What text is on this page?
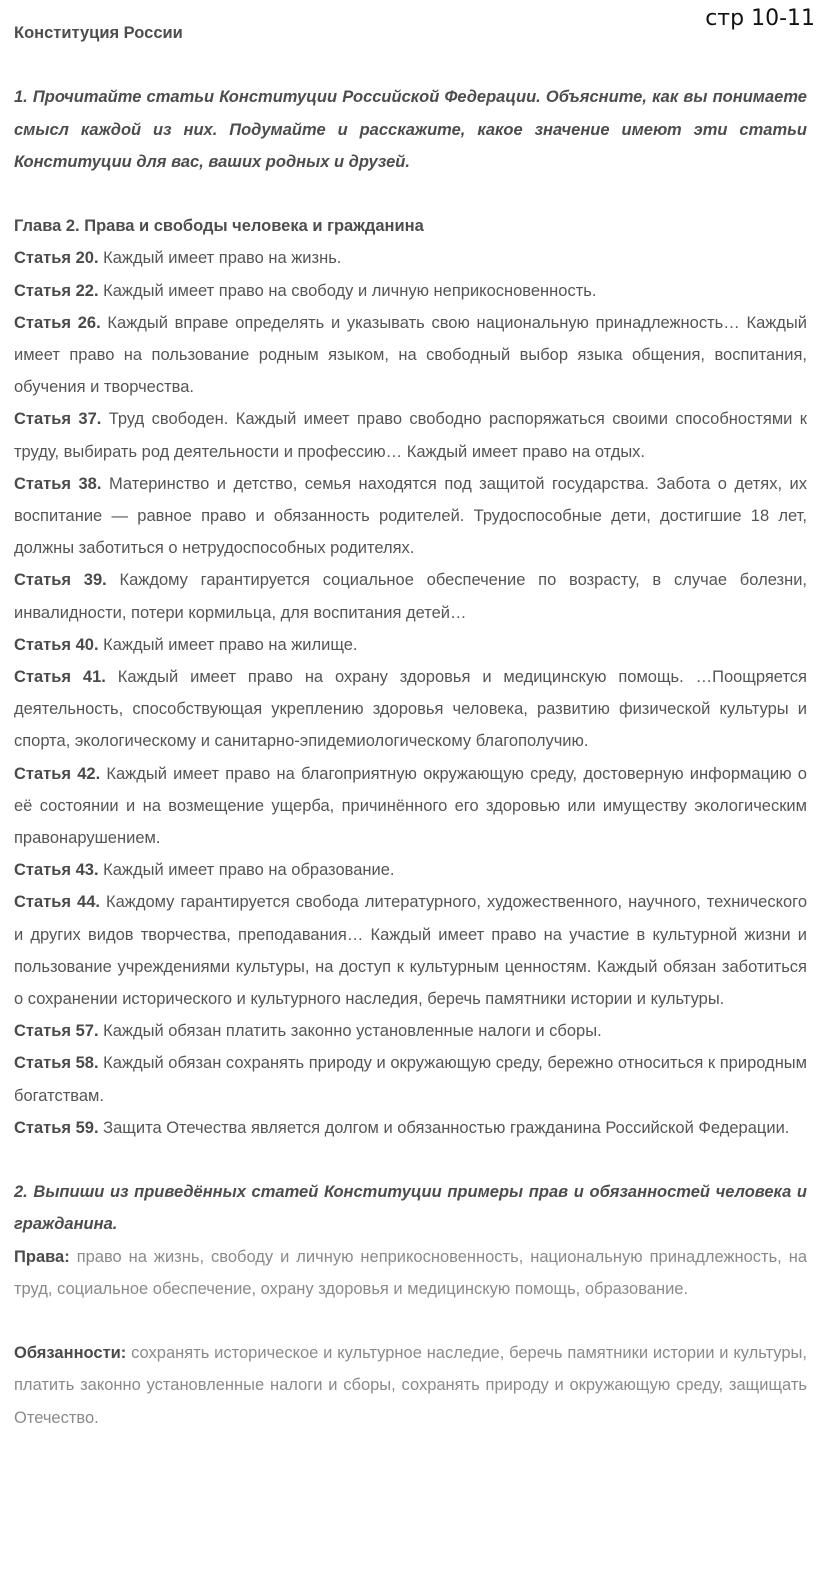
стр 10-11

Конституция России

1. Прочитайте статьи Конституции Российской Федерации. Объясните, как вы понимаете смысл каждой из них. Подумайте и расскажите, какое значение имеют эти статьи Конституции для вас, ваших родных и друзей.

Глава 2. Права и свободы человека и гражданина

Статья 20. Каждый имеет право на жизнь.

Статья 22. Каждый имеет право на свободу и личную неприкосновенность.

Статья 26. Каждый вправе определять и указывать свою национальную принадлежность… Каждый имеет право на пользование родным языком, на свободный выбор языка общения, воспитания, обучения и творчества.

Статья 37. Труд свободен. Каждый имеет право свободно распоряжаться своими способностями к труду, выбирать род деятельности и профессию… Каждый имеет право на отдых.

Статья 38. Материнство и детство, семья находятся под защитой государства. Забота о детях, их воспитание — равное право и обязанность родителей. Трудоспособные дети, достигшие 18 лет, должны заботиться о нетрудоспособных родителях.

Статья 39. Каждому гарантируется социальное обеспечение по возрасту, в случае болезни, инвалидности, потери кормильца, для воспитания детей…

Статья 40. Каждый имеет право на жилище.

Статья 41. Каждый имеет право на охрану здоровья и медицинскую помощь. …Поощряется деятельность, способствующая укреплению здоровья человека, развитию физической культуры и спорта, экологическому и санитарно-эпидемиологическому благополучию.

Статья 42. Каждый имеет право на благоприятную окружающую среду, достоверную информацию о её состоянии и на возмещение ущерба, причинённого его здоровью или имуществу экологическим правонарушением.

Статья 43. Каждый имеет право на образование.

Статья 44. Каждому гарантируется свобода литературного, художественного, научного, технического и других видов творчества, преподавания… Каждый имеет право на участие в культурной жизни и пользование учреждениями культуры, на доступ к культурным ценностям. Каждый обязан заботиться о сохранении исторического и культурного наследия, беречь памятники истории и культуры.

Статья 57. Каждый обязан платить законно установленные налоги и сборы.

Статья 58. Каждый обязан сохранять природу и окружающую среду, бережно относиться к природным богатствам.

Статья 59. Защита Отечества является долгом и обязанностью гражданина Российской Федерации.

2. Выпиши из приведённых статей Конституции примеры прав и обязанностей человека и гражданина.

Права: право на жизнь, свободу и личную неприкосновенность, национальную принадлежность, на труд, социальное обеспечение, охрану здоровья и медицинскую помощь, образование.

Обязанности: сохранять историческое и культурное наследие, беречь памятники истории и культуры, платить законно установленные налоги и сборы, сохранять природу и окружающую среду, защищать Отечество.
